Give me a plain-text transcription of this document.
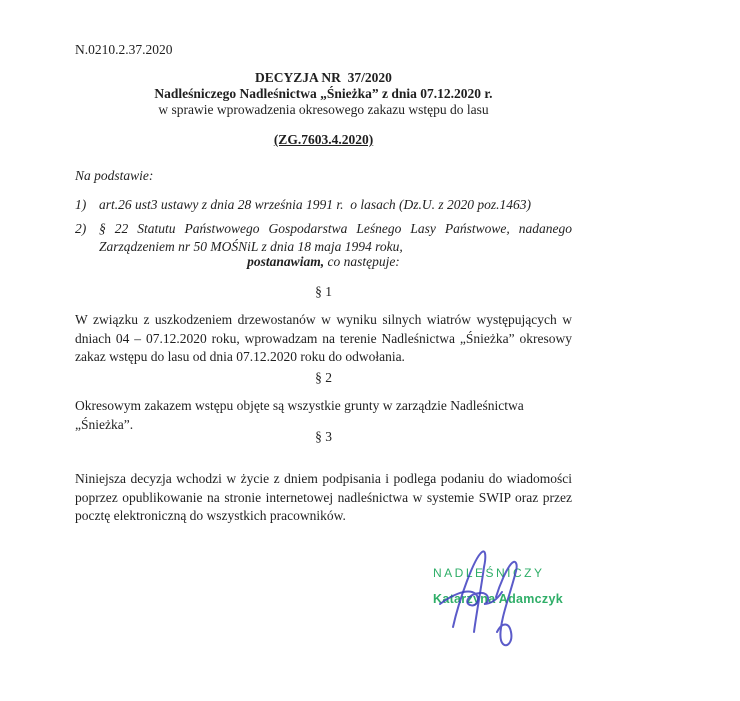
N.0210.2.37.2020
DECYZJA NR  37/2020
Nadleśniczego Nadleśnictwa „Śnieżka” z dnia 07.12.2020 r.
w sprawie wprowadzenia okresowego zakazu wstępu do lasu
(ZG.7603.4.2020)
Na podstawie:
1) art.26 ust3 ustawy z dnia 28 września 1991 r.  o lasach (Dz.U. z 2020 poz.1463)
2) § 22 Statutu Państwowego Gospodarstwa Leśnego Lasy Państwowe, nadanego Zarządzeniem nr 50 MOŚNiL z dnia 18 maja 1994 roku,
postanawiam, co następuje:
§ 1
W związku z uszkodzeniem drzewostanów w wyniku silnych wiatrów występujących w dniach 04 – 07.12.2020 roku, wprowadzam na terenie Nadleśnictwa „Śnieżka” okresowy zakaz wstępu do lasu od dnia 07.12.2020 roku do odwołania.
§ 2
Okresowym zakazem wstępu objęte są wszystkie grunty w zarządzie Nadleśnictwa „Śnieżka”.
§ 3
Niniejsza decyzja wchodzi w życie z dniem podpisania i podlega podaniu do wiadomości poprzez opublikowanie na stronie internetowej nadleśnictwa w systemie SWIP oraz przez pocztę elektroniczną do wszystkich pracowników.
NADLEŚNICZY
Katarzyna Adamczyk
